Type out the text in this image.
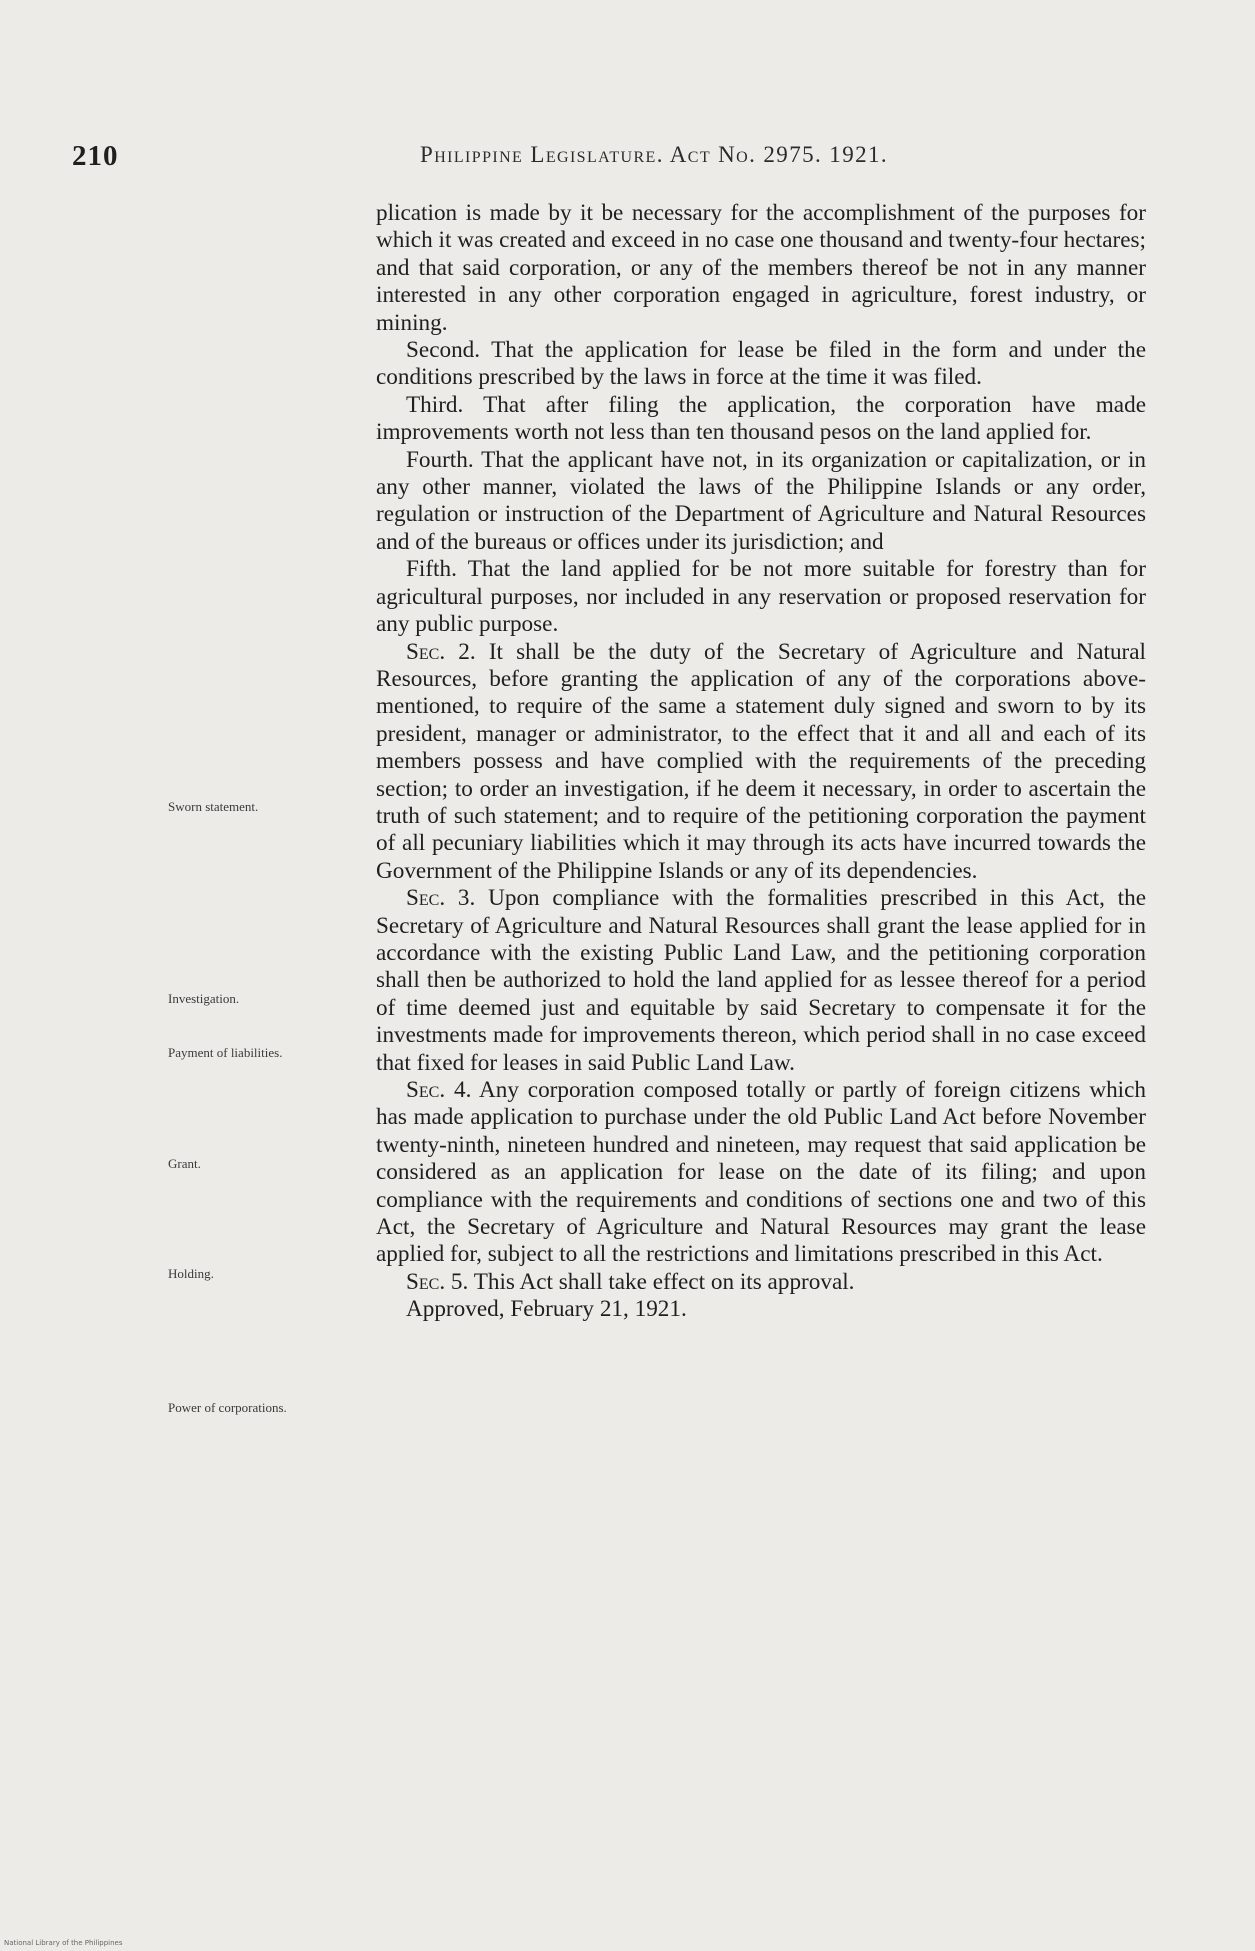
210	Philippine Legislature. Act No. 2975. 1921.

plication is made by it be necessary for the accomplishment of the purposes for which it was created and exceed in no case one thousand and twenty-four hectares; and that said corporation, or any of the members thereof be not in any manner interested in any other corporation engaged in agriculture, forest industry, or mining.

Second. That the application for lease be filed in the form and under the conditions prescribed by the laws in force at the time it was filed.

Third. That after filing the application, the corporation have made improvements worth not less than ten thousand pesos on the land applied for.

Fourth. That the applicant have not, in its organization or capitalization, or in any other manner, violated the laws of the Philippine Islands or any order, regulation or instruction of the Department of Agriculture and Natural Resources and of the bureaus or offices under its jurisdiction; and

Fifth. That the land applied for be not more suitable for forestry than for agricultural purposes, nor included in any reservation or proposed reservation for any public purpose.

Sec. 2. It shall be the duty of the Secretary of Agriculture and Natural Resources, before granting the application of any of the corporations above-mentioned, to require of the same a statement duly signed and sworn to by its president, manager or administrator, to the effect that it and all and each of its members possess and have complied with the requirements of the preceding section; to order an investigation, if he deem it necessary, in order to ascertain the truth of such statement; and to require of the petitioning corporation the payment of all pecuniary liabilities which it may through its acts have incurred towards the Government of the Philippine Islands or any of its dependencies.

Sec. 3. Upon compliance with the formalities prescribed in this Act, the Secretary of Agriculture and Natural Resources shall grant the lease applied for in accordance with the existing Public Land Law, and the petitioning corporation shall then be authorized to hold the land applied for as lessee thereof for a period of time deemed just and equitable by said Secretary to compensate it for the investments made for improvements thereon, which period shall in no case exceed that fixed for leases in said Public Land Law.

Sec. 4. Any corporation composed totally or partly of foreign citizens which has made application to purchase under the old Public Land Act before November twenty-ninth, nineteen hundred and nineteen, may request that said application be considered as an application for lease on the date of its filing; and upon compliance with the requirements and conditions of sections one and two of this Act, the Secretary of Agriculture and Natural Resources may grant the lease applied for, subject to all the restrictions and limitations prescribed in this Act.

Sec. 5. This Act shall take effect on its approval.

Approved, February 21, 1921.

Sworn statement.
Investigation.
Payment of liabilities.
Grant.
Holding.
Power of corporations.
National Library of the Philippines
